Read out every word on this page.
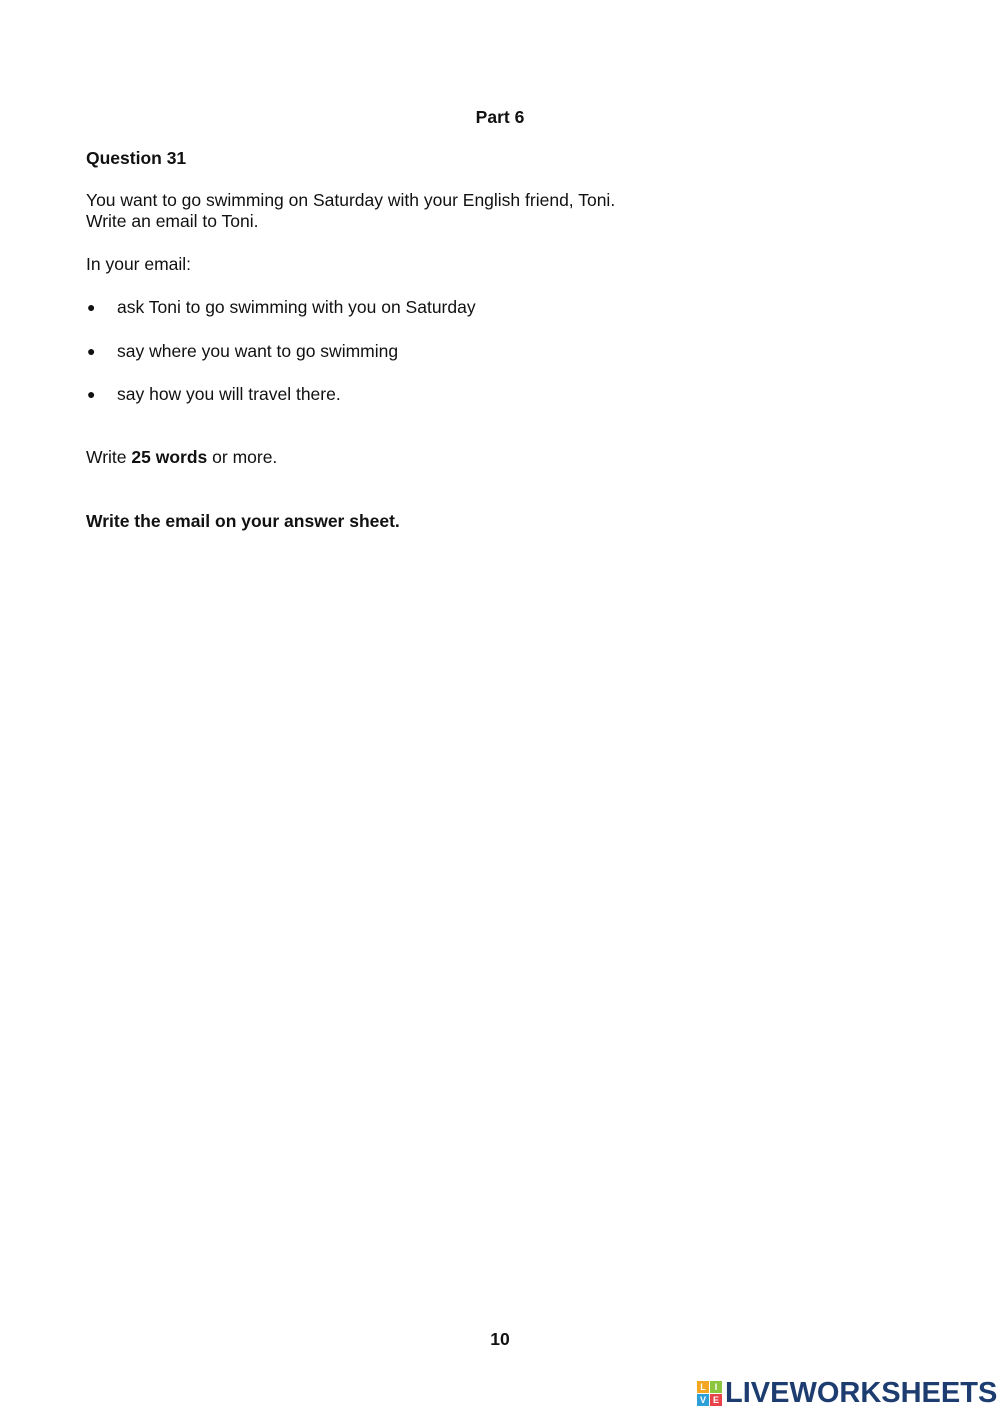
Part 6
Question 31
You want to go swimming on Saturday with your English friend, Toni.
Write an email to Toni.
In your email:
● ask Toni to go swimming with you on Saturday
● say where you want to go swimming
● say how you will travel there.
Write 25 words or more.
Write the email on your answer sheet.
10
L I
V E LIVEWORKSHEETS
